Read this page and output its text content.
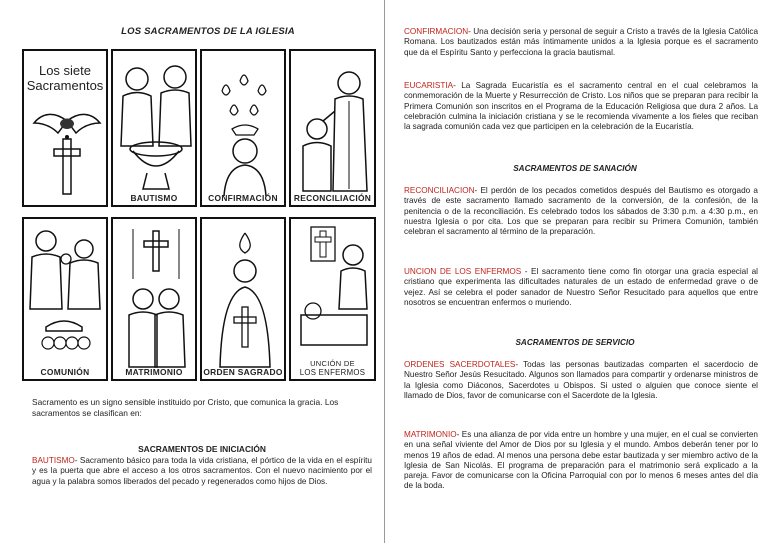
LOS SACRAMENTOS DE LA IGLESIA
Los siete Sacramentos
BAUTISMO	CONFIRMACIÓN	RECONCILIACIÓN
COMUNIÓN	MATRIMONIO	ORDEN SAGRADO
UNCIÓN DE
LOS ENFERMOS
Sacramento es un signo sensible instituido por Cristo, que comunica la gracia. Los sacramentos se clasifican en:
SACRAMENTOS DE INICIACIÓN
BAUTISMO- Sacramento básico para toda la vida cristiana, el pórtico de la vida en el espíritu y es la puerta que abre el acceso a los otros sacramentos. Con el nuevo nacimiento por el agua y la palabra somos liberados del pecado y regenerados como hijos de Dios.
CONFIRMACION- Una decisión seria y personal de seguir a Cristo a través de la Iglesia Católica Romana. Los bautizados están más íntimamente unidos a la Iglesia porque es el sacramento que da el Espíritu Santo y perfecciona la gracia bautismal.
EUCARISTIA- La Sagrada Eucaristía es el sacramento central en el cual celebramos la conmemoración de la Muerte y Resurrección de Cristo. Los niños que se preparan para recibir la Primera Comunión son inscritos en el Programa de la Educación Religiosa que dura 2 años. La celebración culmina la iniciación cristiana y se le recomienda vivamente a los fieles que reciban la sagrada comunión cada vez que participen en la celebración de la Eucaristía.
SACRAMENTOS DE SANACIÓN
RECONCILIACION- El perdón de los pecados cometidos después del Bautismo es otorgado a través de este sacramento llamado sacramento de la conversión, de la confesión, de la penitencia o de la reconciliación. Es celebrado todos los sábados de 3:30 p.m. a 4:30 p.m., en nuestra Iglesia o por cita. Los que se preparan para recibir su Primera Comunión, también celebran el sacramento al término de la preparación.
UNCION DE LOS ENFERMOS - El sacramento tiene como fin otorgar una gracia especial al cristiano que experimenta las dificultades naturales de un estado de enfermedad grave o de vejez. Así se celebra el poder sanador de Nuestro Señor Resucitado para aquellos que entre nosotros se encuentran enfermos o muriendo.
SACRAMENTOS DE SERVICIO
ORDENES SACERDOTALES- Todas las personas bautizadas comparten el sacerdocio de Nuestro Señor Jesús Resucitado. Algunos son llamados para compartir y ordenarse ministros de la Iglesia como Diáconos, Sacerdotes u Obispos. Si usted o alguien que conoce siente el llamado de Dios, favor de comunicarse con el Sacerdote de la Iglesia.
MATRIMONIO- Es una alianza de por vida entre un hombre y una mujer, en el cual se convierten en una señal viviente del Amor de Dios por su Iglesia y el mundo. Ambos deberán tener por lo menos 19 años de edad. Al menos una persona debe estar bautizada y ser miembro activo de la Iglesia de San Nicolás. El programa de preparación para el matrimonio será explicado a la pareja. Favor de comunicarse con la Oficina Parroquial con por lo menos 6 meses antes del día de la boda.
